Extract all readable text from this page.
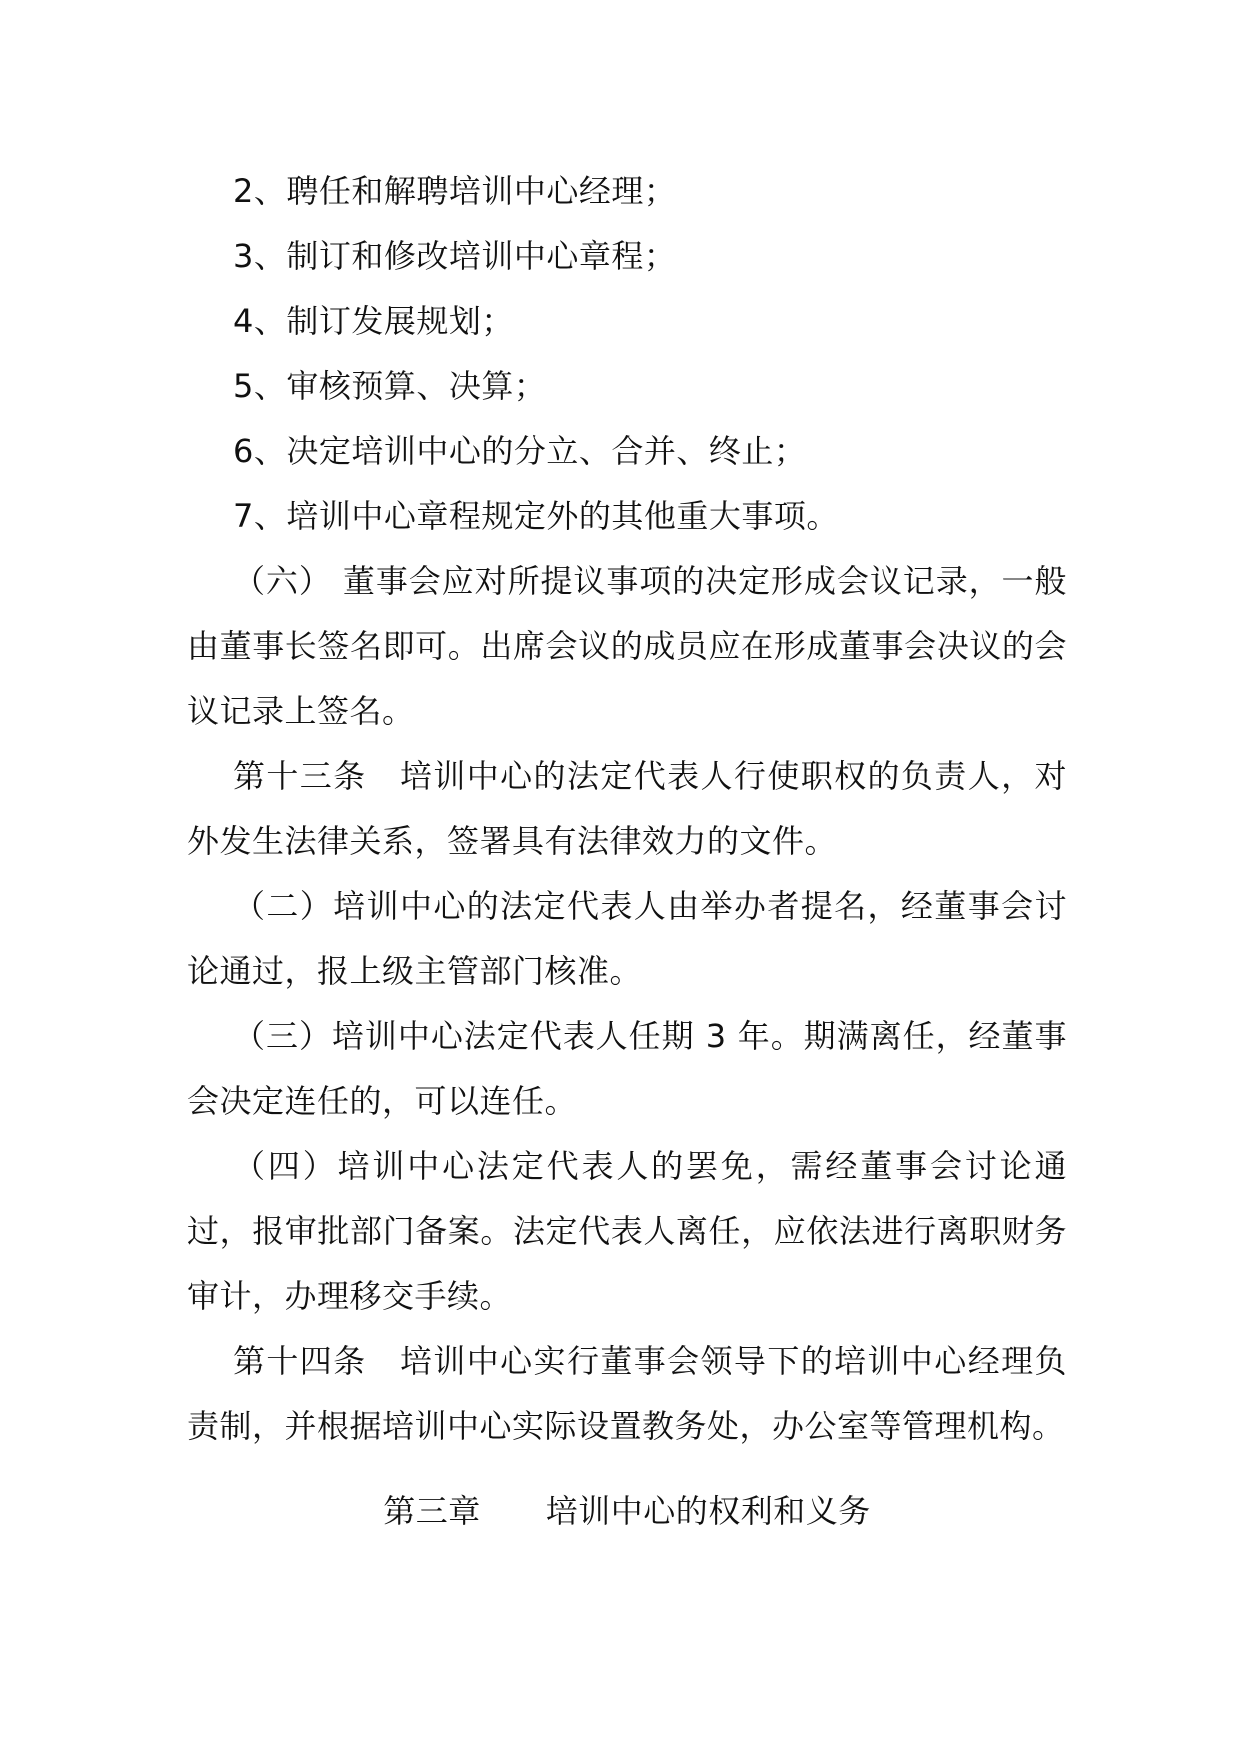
2、聘任和解聘培训中心经理；
3、制订和修改培训中心章程；
4、制订发展规划；
5、审核预算、决算；
6、决定培训中心的分立、合并、终止；
7、培训中心章程规定外的其他重大事项。
（六） 董事会应对所提议事项的决定形成会议记录，一般由董事长签名即可。出席会议的成员应在形成董事会决议的会议记录上签名。
第十三条　培训中心的法定代表人行使职权的负责人，对外发生法律关系，签署具有法律效力的文件。
（二）培训中心的法定代表人由举办者提名，经董事会讨论通过，报上级主管部门核准。
（三）培训中心法定代表人任期 3 年。期满离任，经董事会决定连任的，可以连任。
（四）培训中心法定代表人的罢免，需经董事会讨论通过，报审批部门备案。法定代表人离任，应依法进行离职财务审计，办理移交手续。
第十四条　培训中心实行董事会领导下的培训中心经理负责制，并根据培训中心实际设置教务处，办公室等管理机构。
第三章　　培训中心的权利和义务
